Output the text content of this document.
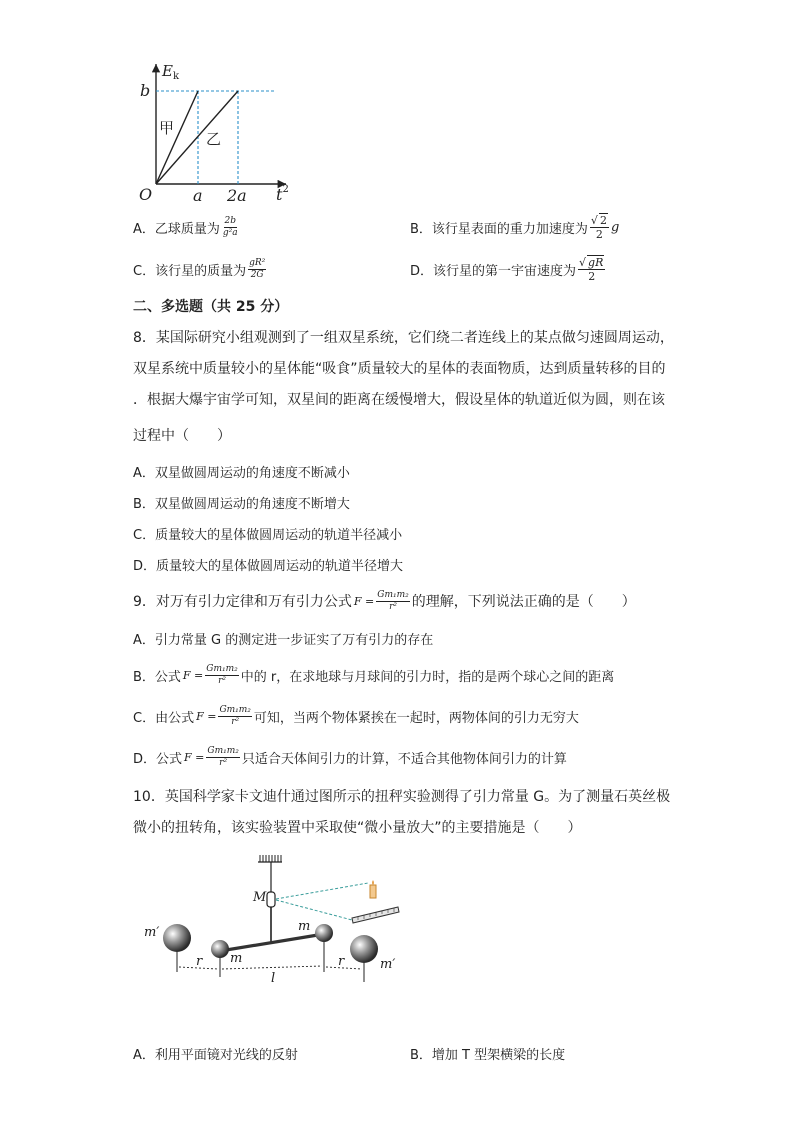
$E_k$
$t^2$
O
b
a 2a
甲
乙
A．乙球质量为 $\frac{2b}{\text{g²a}}$	B．该行星表面的重力加速度为 $\frac{√ 2}{2}$ g
C．该行星的质量为 $\frac{\text{gR²}}{2G}$	D．该行星的第一宇宙速度为 $\frac{√ gR}{2}$
二、多选题（共 25 分）
8．某国际研究小组观测到了一组双星系统，它们绕二者连线上的某点做匀速圆周运动，
双星系统中质量较小的星体能“吸食”质量较大的星体的表面物质，达到质量转移的目的
．根据大爆宇宙学可知，双星间的距离在缓慢增大，假设星体的轨道近似为圆，则在该
过程中（　　）
A．双星做圆周运动的角速度不断减小
B．双星做圆周运动的角速度不断增大
C．质量较大的星体做圆周运动的轨道半径减小
D．质量较大的星体做圆周运动的轨道半径增大
9．对万有引力定律和万有引力公式 $F = \frac{\text{Gm₁m₂}}{\text{r²}}$ 的理解，下列说法正确的是（　　）
A．引力常量 G 的测定进一步证实了万有引力的存在
B．公式 $F = \frac{\text{Gm₁m₂}}{\text{r²}}$ 中的 r，在求地球与月球间的引力时，指的是两个球心之间的距离
C．由公式 $F = \frac{\text{Gm₁m₂}}{\text{r²}}$ 可知，当两个物体紧挨在一起时，两物体间的引力无穷大
D．公式 $F = \frac{\text{Gm₁m₂}}{\text{r²}}$ 只适合天体间引力的计算，不适合其他物体间引力的计算
10．英国科学家卡文迪什通过图所示的扭秤实验测得了引力常量 G。为了测量石英丝极
微小的扭转角，该实验装置中采取使“微小量放大”的主要措施是（　　）
M
m
m
m′
m′
r	r
l
A．利用平面镜对光线的反射	B．增加 T 型架横梁的长度
